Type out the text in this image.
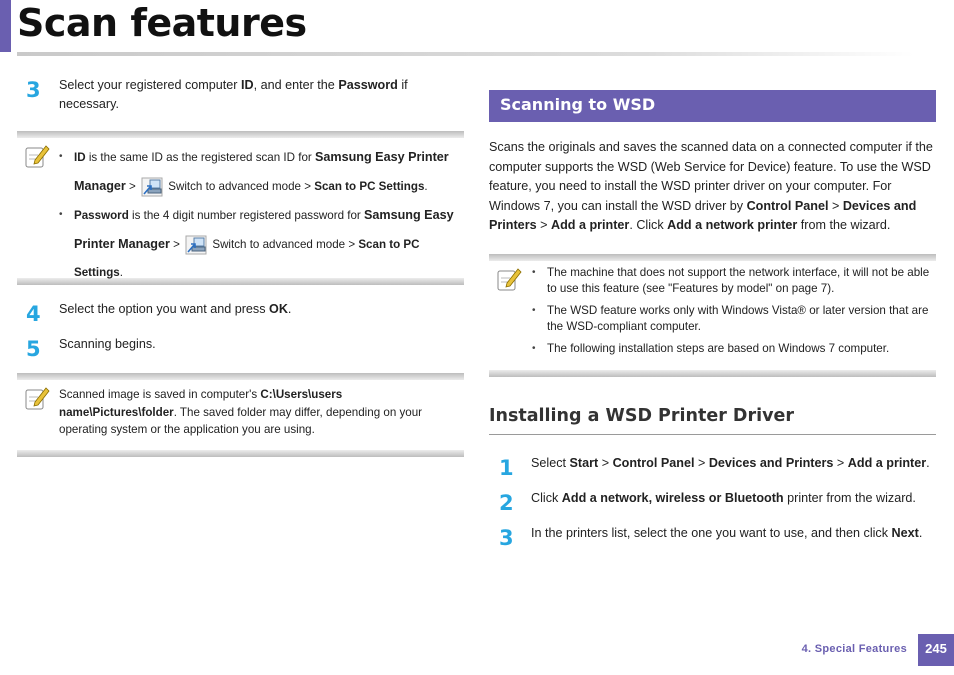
Scan features
3 Select your registered computer ID, and enter the Password if necessary.
• ID is the same ID as the registered scan ID for Samsung Easy Printer Manager >  Switch to advanced mode > Scan to PC Settings.
• Password is the 4 digit number registered password for Samsung Easy Printer Manager >  Switch to advanced mode > Scan to PC Settings.
4 Select the option you want and press OK.
5 Scanning begins.
Scanned image is saved in computer's C:\Users\users name\Pictures\folder. The saved folder may differ, depending on your operating system or the application you are using.
Scanning to WSD
Scans the originals and saves the scanned data on a connected computer if the computer supports the WSD (Web Service for Device) feature. To use the WSD feature, you need to install the WSD printer driver on your computer. For Windows 7, you can install the WSD driver by Control Panel > Devices and Printers > Add a printer. Click Add a network printer from the wizard.
• The machine that does not support the network interface, it will not be able to use this feature (see "Features by model" on page 7).
• The WSD feature works only with Windows Vista® or later version that are the WSD-compliant computer.
• The following installation steps are based on Windows 7 computer.
Installing a WSD Printer Driver
1 Select Start > Control Panel > Devices and Printers > Add a printer.
2 Click Add a network, wireless or Bluetooth printer from the wizard.
3 In the printers list, select the one you want to use, and then click Next.
4. Special Features	245
